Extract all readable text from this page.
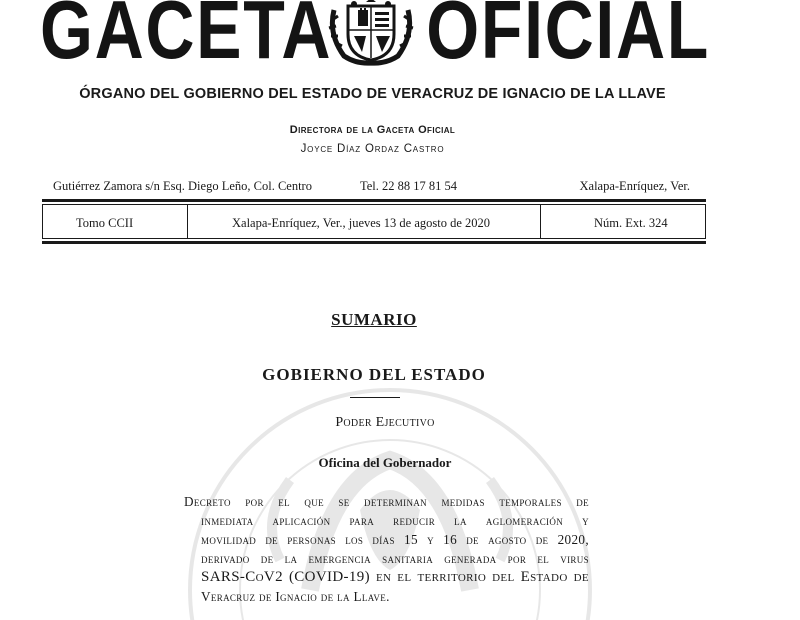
GACETA OFICIAL
ÓRGANO DEL GOBIERNO DEL ESTADO DE VERACRUZ DE IGNACIO DE LA LLAVE
Directora de la Gaceta Oficial
Joyce Díaz Ordaz Castro
Gutiérrez Zamora s/n Esq. Diego Leño, Col. Centro	Tel. 22 88 17 81 54	Xalapa-Enríquez, Ver.
Tomo CCII	Xalapa-Enríquez, Ver., jueves 13 de agosto de 2020	Núm. Ext. 324
SUMARIO
GOBIERNO DEL ESTADO
Poder Ejecutivo
Oficina del Gobernador
Decreto por el que se determinan medidas temporales de
inmediata aplicación para reducir la aglomeración y
movilidad de personas los días 15 y 16 de agosto de 2020,
derivado de la emergencia sanitaria generada por el virus
SARS-CoV2 (COVID-19) en el territorio del Estado de
Veracruz de Ignacio de la Llave.
